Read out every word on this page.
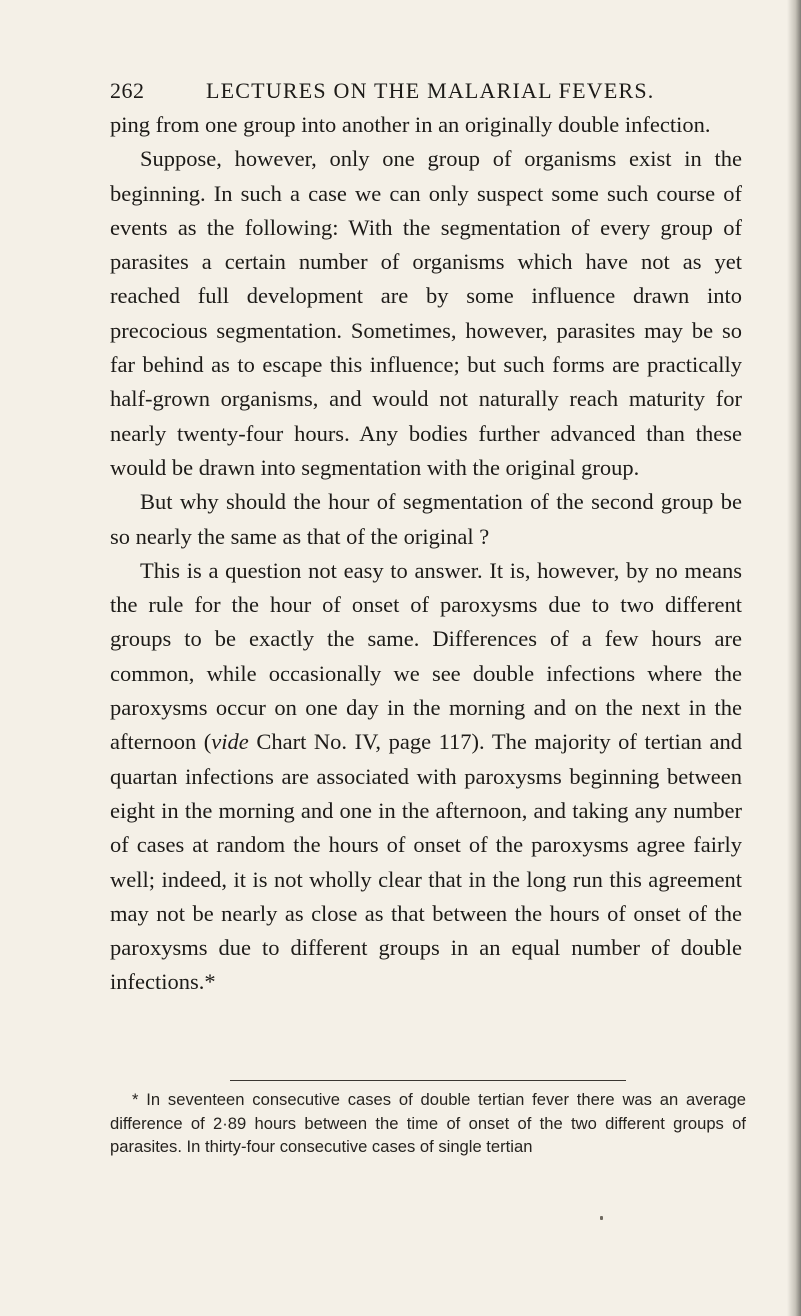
262	LECTURES ON THE MALARIAL FEVERS.

ping from one group into another in an originally double infection.

Suppose, however, only one group of organisms exist in the beginning. In such a case we can only suspect some such course of events as the following: With the segmentation of every group of parasites a certain number of organisms which have not as yet reached full development are by some influence drawn into precocious segmentation. Sometimes, however, parasites may be so far behind as to escape this influence; but such forms are practically half-grown organisms, and would not naturally reach maturity for nearly twenty-four hours. Any bodies further advanced than these would be drawn into segmentation with the original group.

But why should the hour of segmentation of the second group be so nearly the same as that of the original ?

This is a question not easy to answer. It is, however, by no means the rule for the hour of onset of paroxysms due to two different groups to be exactly the same. Differences of a few hours are common, while occasionally we see double infections where the paroxysms occur on one day in the morning and on the next in the afternoon (vide Chart No. IV, page 117). The majority of tertian and quartan infections are associated with paroxysms beginning between eight in the morning and one in the afternoon, and taking any number of cases at random the hours of onset of the paroxysms agree fairly well; indeed, it is not wholly clear that in the long run this agreement may not be nearly as close as that between the hours of onset of the paroxysms due to different groups in an equal number of double infections.*

* In seventeen consecutive cases of double tertian fever there was an average difference of 2·89 hours between the time of onset of the two different groups of parasites. In thirty-four consecutive cases of single tertian
